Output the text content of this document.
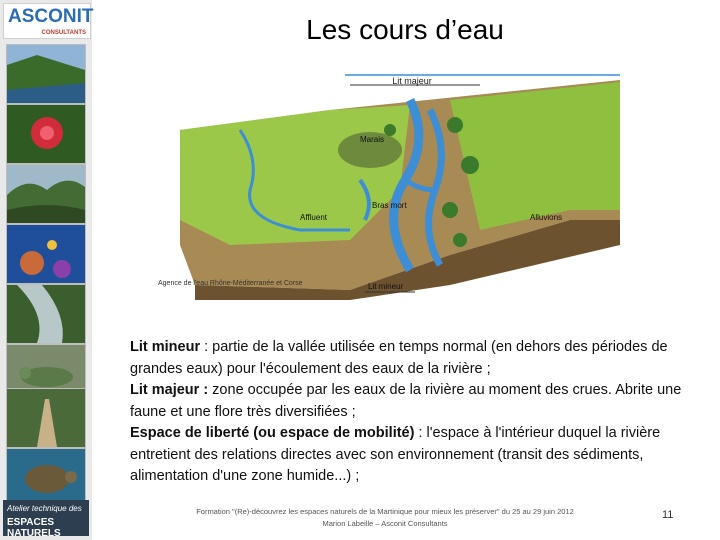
ASCONIT
CONSULTANTS
Atelier technique des
ESPACES NATURELS
Les cours d’eau
Lit majeur
Marais
Bras mort
Affluent	Alluvions
Lit mineur
Agence de l'eau Rhône-Méditerranée et Corse

Lit mineur : partie de la vallée utilisée en temps normal (en dehors des périodes de grandes eaux) pour l'écoulement des eaux de la rivière ;

Lit majeur : zone occupée par les eaux de la rivière au moment des crues. Abrite une faune et une flore très diversifiées ;

Espace de liberté (ou espace de mobilité) : l'espace à l'intérieur duquel la rivière entretient des relations directes avec son environnement (transit des sédiments, alimentation d'une zone humide...) ;

Formation "(Re)-découvrez les espaces naturels de la Martinique pour mieux les préserver" du 25 au 29 juin 2012
Marion Labeille – Asconit Consultants
11
